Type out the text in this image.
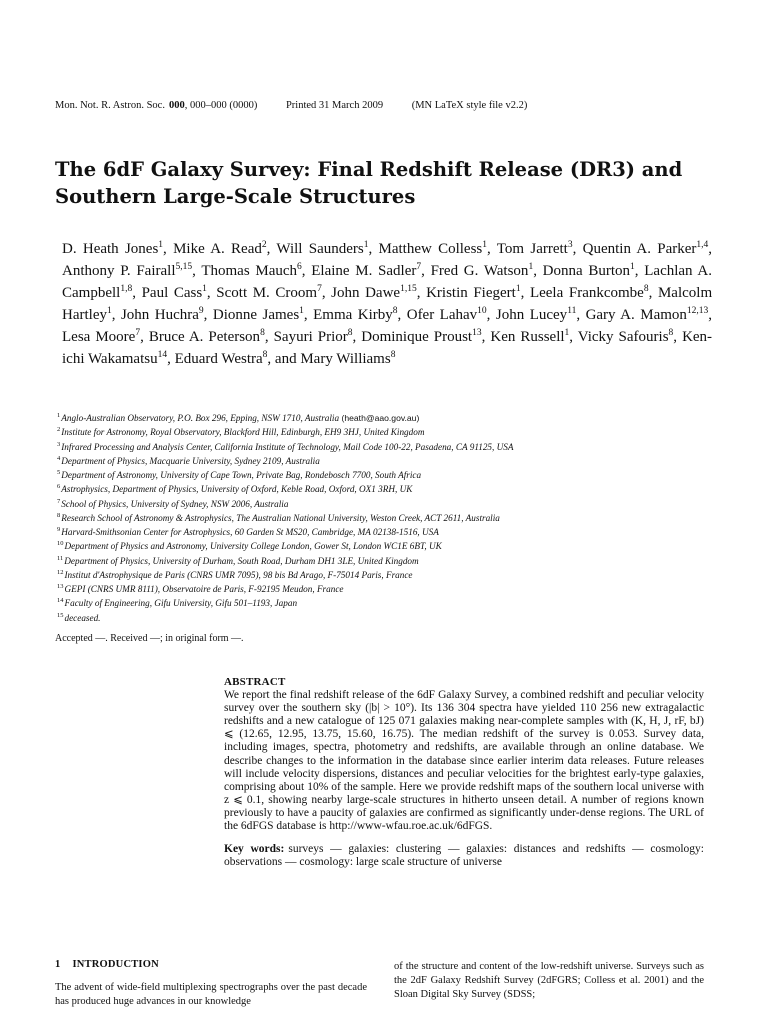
Mon. Not. R. Astron. Soc. 000, 000–000 (0000)	Printed 31 March 2009	(MN LaTeX style file v2.2)
The 6dF Galaxy Survey: Final Redshift Release (DR3) and Southern Large-Scale Structures
D. Heath Jones$^1$, Mike A. Read$^2$, Will Saunders$^1$, Matthew Colless$^1$, Tom Jarrett$^3$, Quentin A. Parker$^{1,4}$, Anthony P. Fairall$^{5,15}$, Thomas Mauch$^6$, Elaine M. Sadler$^7$, Fred G. Watson$^1$, Donna Burton$^1$, Lachlan A. Campbell$^{1,8}$, Paul Cass$^1$, Scott M. Croom$^7$, John Dawe$^{1,15}$, Kristin Fiegert$^1$, Leela Frankcombe$^8$, Malcolm Hartley$^1$, John Huchra$^9$, Dionne James$^1$, Emma Kirby$^8$, Ofer Lahav$^{10}$, John Lucey$^{11}$, Gary A. Mamon$^{12,13}$, Lesa Moore$^7$, Bruce A. Peterson$^8$, Sayuri Prior$^8$, Dominique Proust$^{13}$, Ken Russell$^1$, Vicky Safouris$^8$, Ken-ichi Wakamatsu$^{14}$, Eduard Westra$^8$, and Mary Williams$^8$
$^1$Anglo-Australian Observatory, P.O. Box 296, Epping, NSW 1710, Australia (heath@aao.gov.au)
$^2$Institute for Astronomy, Royal Observatory, Blackford Hill, Edinburgh, EH9 3HJ, United Kingdom
$^3$Infrared Processing and Analysis Center, California Institute of Technology, Mail Code 100-22, Pasadena, CA 91125, USA
$^4$Department of Physics, Macquarie University, Sydney 2109, Australia
$^5$Department of Astronomy, University of Cape Town, Private Bag, Rondebosch 7700, South Africa
$^6$Astrophysics, Department of Physics, University of Oxford, Keble Road, Oxford, OX1 3RH, UK
$^7$School of Physics, University of Sydney, NSW 2006, Australia
$^8$Research School of Astronomy & Astrophysics, The Australian National University, Weston Creek, ACT 2611, Australia
$^9$Harvard-Smithsonian Center for Astrophysics, 60 Garden St MS20, Cambridge, MA 02138-1516, USA
$^{10}$Department of Physics and Astronomy, University College London, Gower St, London WC1E 6BT, UK
$^{11}$Department of Physics, University of Durham, South Road, Durham DH1 3LE, United Kingdom
$^{12}$Institut d'Astrophysique de Paris (CNRS UMR 7095), 98 bis Bd Arago, F-75014 Paris, France
$^{13}$GEPI (CNRS UMR 8111), Observatoire de Paris, F-92195 Meudon, France
$^{14}$Faculty of Engineering, Gifu University, Gifu 501–1193, Japan
$^{15}$deceased.
Accepted —. Received —; in original form —.
ABSTRACT

We report the final redshift release of the 6dF Galaxy Survey, a combined redshift and peculiar velocity survey over the southern sky (|b| > 10°). Its 136 304 spectra have yielded 110 256 new extragalactic redshifts and a new catalogue of 125 071 galaxies making near-complete samples with (K, H, J, rF, bJ) ⩽ (12.65, 12.95, 13.75, 15.60, 16.75). The median redshift of the survey is 0.053. Survey data, including images, spectra, photometry and redshifts, are available through an online database. We describe changes to the information in the database since earlier interim data releases. Future releases will include velocity dispersions, distances and peculiar velocities for the brightest early-type galaxies, comprising about 10% of the sample. Here we provide redshift maps of the southern local universe with z ⩽ 0.1, showing nearby large-scale structures in hitherto unseen detail. A number of regions known previously to have a paucity of galaxies are confirmed as significantly under-dense regions. The URL of the 6dFGS database is http://www-wfau.roe.ac.uk/6dFGS.

Key words: surveys — galaxies: clustering — galaxies: distances and redshifts — cosmology: observations — cosmology: large scale structure of universe
1 INTRODUCTION

The advent of wide-field multiplexing spectrographs over the past decade has produced huge advances in our knowledge

of the structure and content of the low-redshift universe. Surveys such as the 2dF Galaxy Redshift Survey (2dFGRS; Colless et al. 2001) and the Sloan Digital Sky Survey (SDSS;
